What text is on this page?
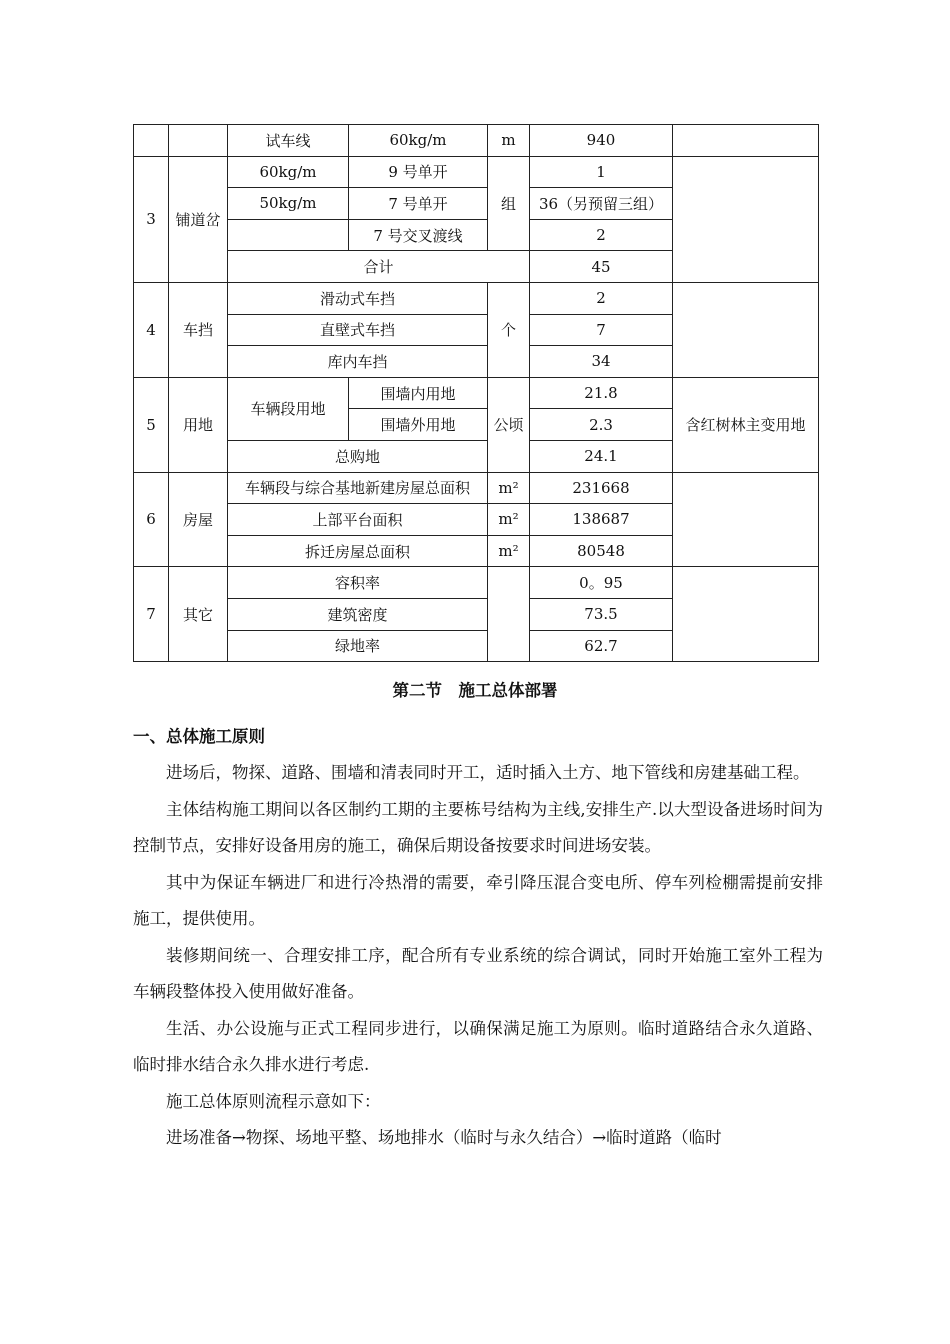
		试车线	60kg/m	m	940	
3	铺道岔	60kg/m	9 号单开	组	1	
		50kg/m	7 号单开		36（另预留三组）	
			7 号交叉渡线		2	
		合计			45	
4	车挡	滑动式车挡		个	2	
		直壁式车挡			7	
		库内车挡			34	
5	用地	车辆段用地	围墙内用地	公顷	21.8	含红树林主变用地
			围墙外用地		2.3	
		总购地			24.1	
6	房屋	车辆段与综合基地新建房屋总面积		m²	231668	
		上部平台面积		m²	138687	
		拆迁房屋总面积		m²	80548	
7	其它	容积率			0。95	
		建筑密度			73.5	
		绿地率			62.7	
第二节　施工总体部署
一、总体施工原则

进场后，物探、道路、围墙和清表同时开工，适时插入土方、地下管线和房建基础工程。

主体结构施工期间以各区制约工期的主要栋号结构为主线,安排生产.以大型设备进场时间为控制节点，安排好设备用房的施工，确保后期设备按要求时间进场安装。

其中为保证车辆进厂和进行冷热滑的需要，牵引降压混合变电所、停车列检棚需提前安排施工，提供使用。

装修期间统一、合理安排工序，配合所有专业系统的综合调试，同时开始施工室外工程为车辆段整体投入使用做好准备。

生活、办公设施与正式工程同步进行，以确保满足施工为原则。临时道路结合永久道路、临时排水结合永久排水进行考虑.

施工总体原则流程示意如下：

进场准备→物探、场地平整、场地排水（临时与永久结合）→临时道路（临时
